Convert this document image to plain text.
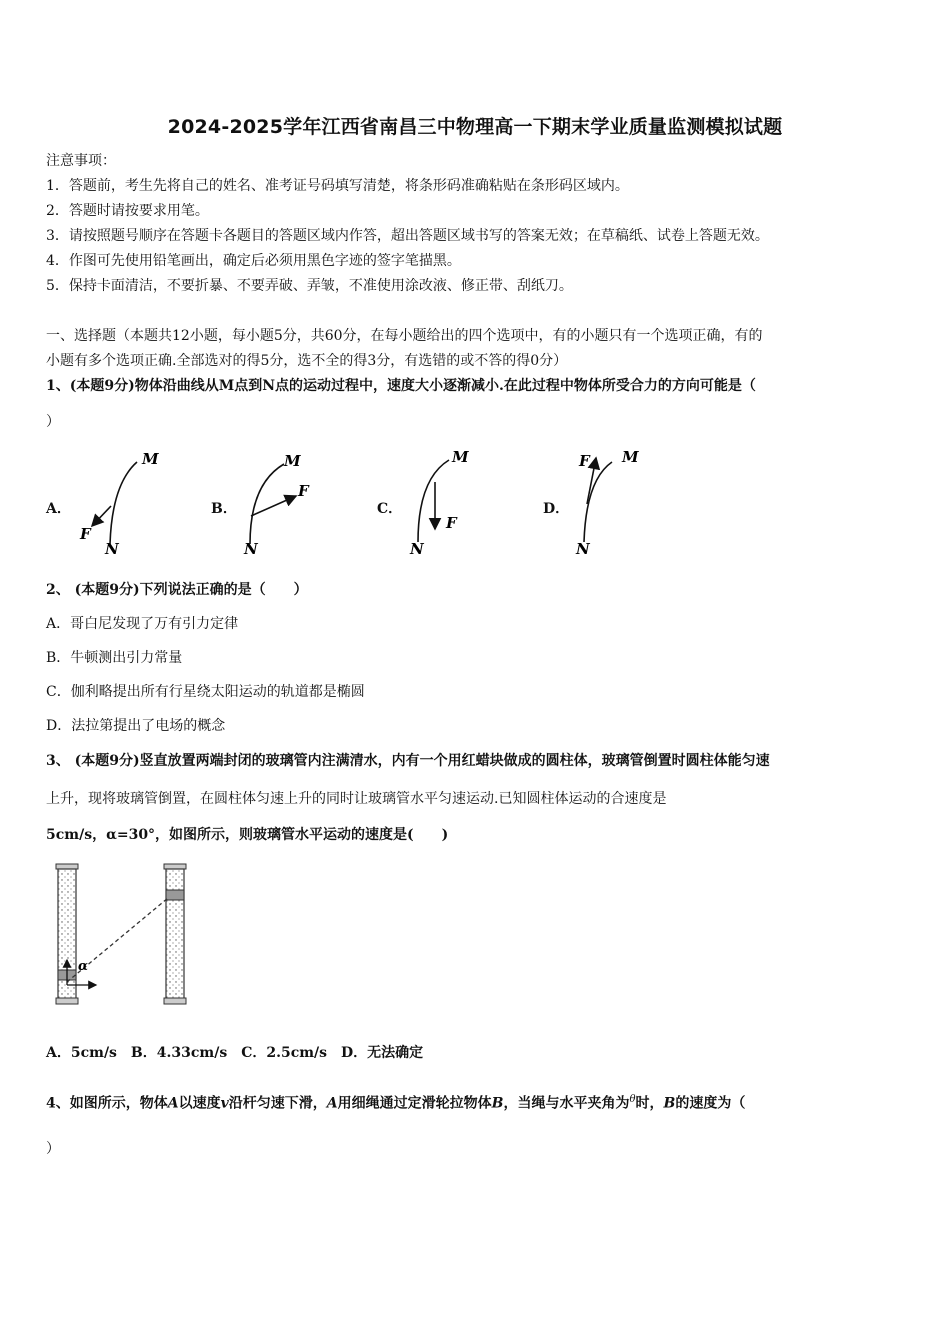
2024-2025学年江西省南昌三中物理高一下期末学业质量监测模拟试题
注意事项：
1．答题前，考生先将自己的姓名、准考证号码填写清楚，将条形码准确粘贴在条形码区域内。
2．答题时请按要求用笔。
3．请按照题号顺序在答题卡各题目的答题区域内作答，超出答题区域书写的答案无效；在草稿纸、试卷上答题无效。
4．作图可先使用铅笔画出，确定后必须用黑色字迹的签字笔描黑。
5．保持卡面清洁，不要折暴、不要弄破、弄皱，不准使用涂改液、修正带、刮纸刀。
一、选择题（本题共12小题，每小题5分，共60分，在每小题给出的四个选项中，有的小题只有一个选项正确，有的
小题有多个选项正确.全部选对的得5分，选不全的得3分，有选错的或不答的得0分）
1、(本题9分)物体沿曲线从M点到N点的运动过程中，速度大小逐渐减小.在此过程中物体所受合力的方向可能是（
）
A．	B．	C．	D．
M
F
N
M
F
N
M
F
N
M
F
N
2、 (本题9分)下列说法正确的是（　　）
A．哥白尼发现了万有引力定律
B．牛顿测出引力常量
C．伽利略提出所有行星绕太阳运动的轨道都是椭圆
D．法拉第提出了电场的概念
3、 (本题9分)竖直放置两端封闭的玻璃管内注满清水，内有一个用红蜡块做成的圆柱体，玻璃管倒置时圆柱体能匀速
上升，现将玻璃管倒置，在圆柱体匀速上升的同时让玻璃管水平匀速运动.已知圆柱体运动的合速度是
5cm/s，α=30°，如图所示，则玻璃管水平运动的速度是(　　)
α
A．5cm/s　B．4.33cm/s　C．2.5cm/s　D．无法确定
4、如图所示，物体A以速度v沿杆匀速下滑，A用细绳通过定滑轮拉物体B，当绳与水平夹角为$^\theta$时，B的速度为（
）
